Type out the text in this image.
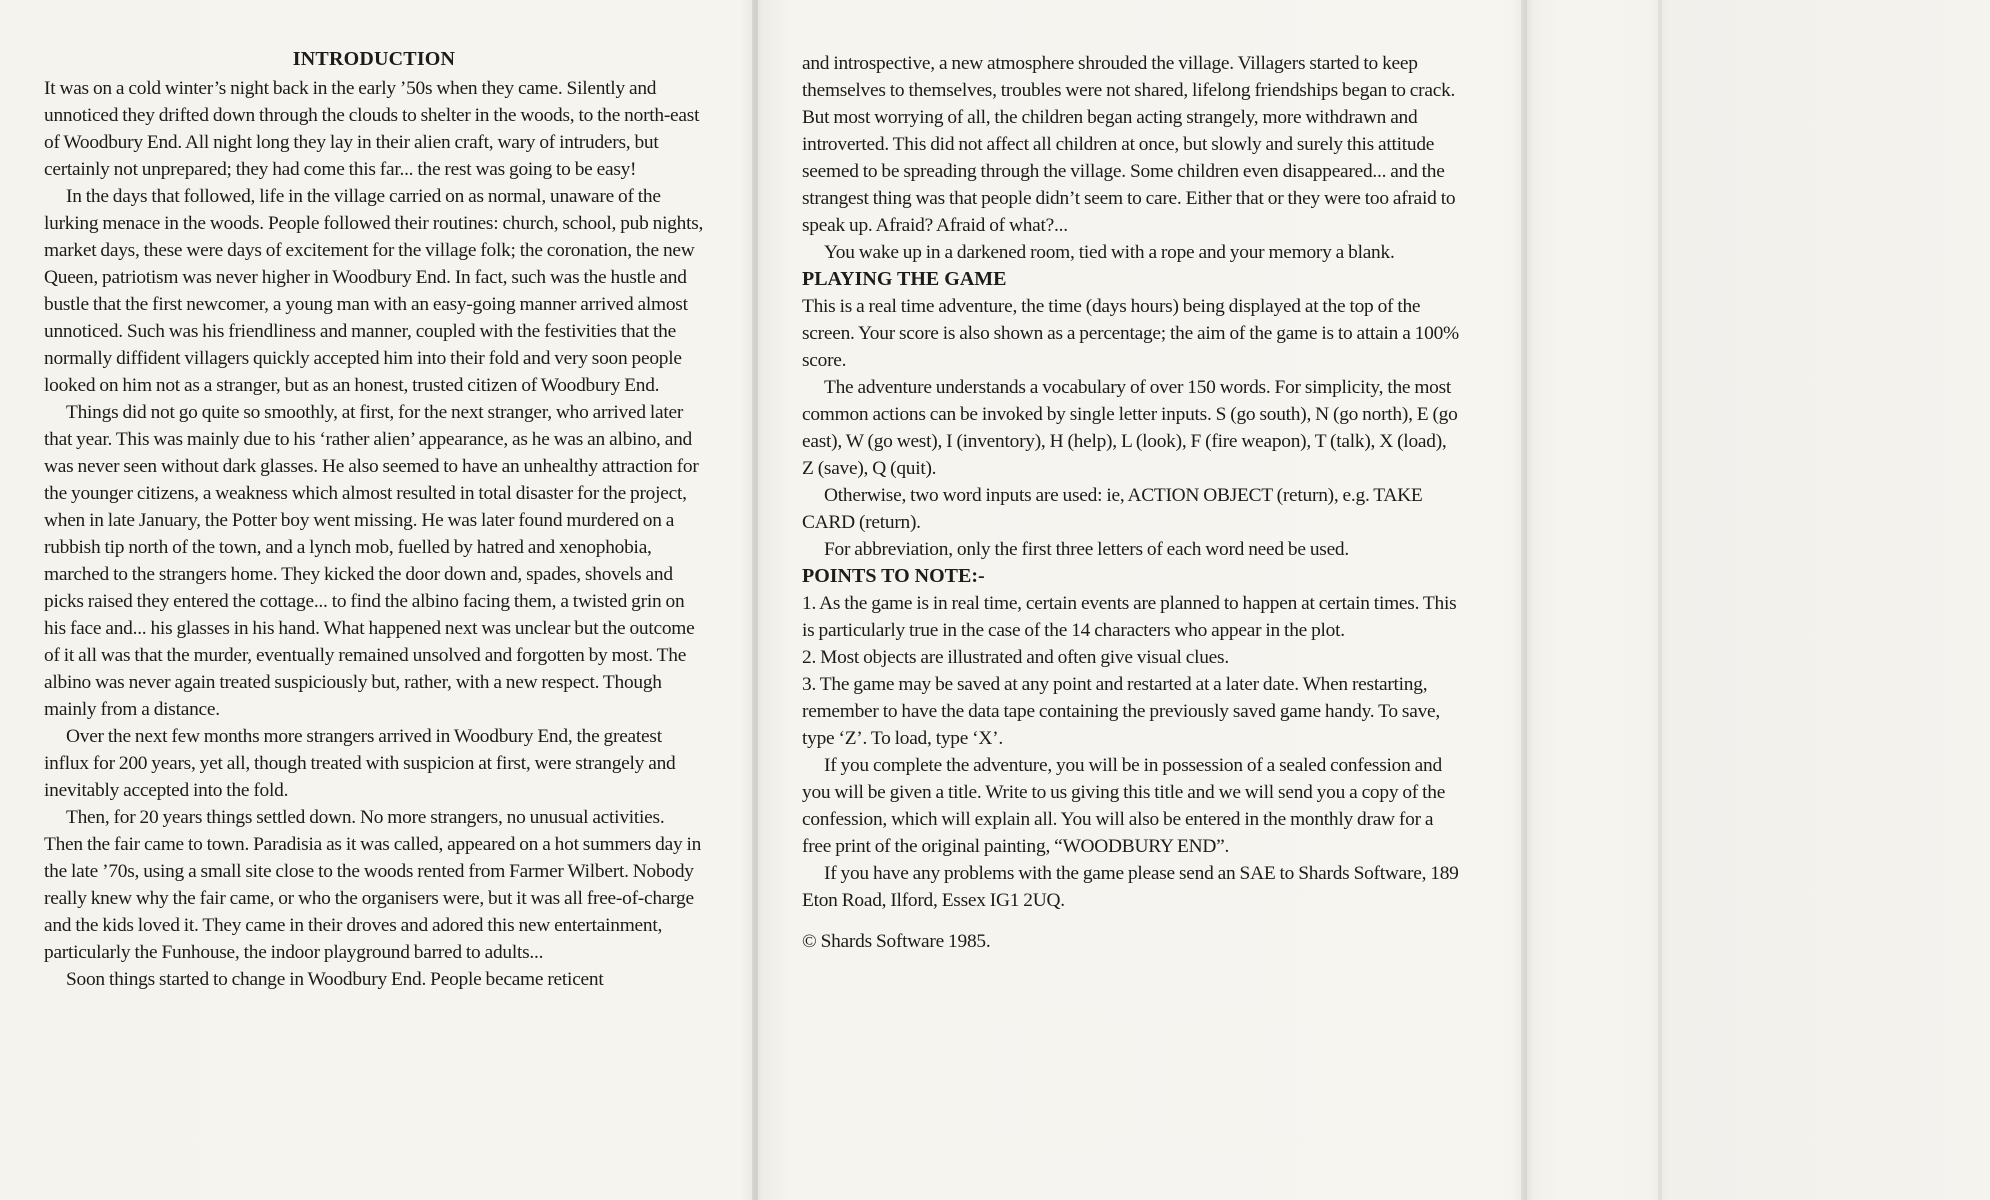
INTRODUCTION

It was on a cold winter’s night back in the early ’50s when they came. Silently and unnoticed they drifted down through the clouds to shelter in the woods, to the north-east of Woodbury End. All night long they lay in their alien craft, wary of intruders, but certainly not unprepared; they had come this far... the rest was going to be easy!

In the days that followed, life in the village carried on as normal, unaware of the lurking menace in the woods. People followed their routines: church, school, pub nights, market days, these were days of excitement for the village folk; the coronation, the new Queen, patriotism was never higher in Woodbury End. In fact, such was the hustle and bustle that the first newcomer, a young man with an easy-going manner arrived almost unnoticed. Such was his friendliness and manner, coupled with the festivities that the normally diffident villagers quickly accepted him into their fold and very soon people looked on him not as a stranger, but as an honest, trusted citizen of Woodbury End.

Things did not go quite so smoothly, at first, for the next stranger, who arrived later that year. This was mainly due to his ‘rather alien’ appearance, as he was an albino, and was never seen without dark glasses. He also seemed to have an unhealthy attraction for the younger citizens, a weakness which almost resulted in total disaster for the project, when in late January, the Potter boy went missing. He was later found murdered on a rubbish tip north of the town, and a lynch mob, fuelled by hatred and xenophobia, marched to the strangers home. They kicked the door down and, spades, shovels and picks raised they entered the cottage... to find the albino facing them, a twisted grin on his face and... his glasses in his hand. What happened next was unclear but the outcome of it all was that the murder, eventually remained unsolved and forgotten by most. The albino was never again treated suspiciously but, rather, with a new respect. Though mainly from a distance.

Over the next few months more strangers arrived in Woodbury End, the greatest influx for 200 years, yet all, though treated with suspicion at first, were strangely and inevitably accepted into the fold.

Then, for 20 years things settled down. No more strangers, no unusual activities. Then the fair came to town. Paradisia as it was called, appeared on a hot summers day in the late ’70s, using a small site close to the woods rented from Farmer Wilbert. Nobody really knew why the fair came, or who the organisers were, but it was all free-of-charge and the kids loved it. They came in their droves and adored this new entertainment, particularly the Funhouse, the indoor playground barred to adults...

Soon things started to change in Woodbury End. People became reticent

and introspective, a new atmosphere shrouded the village. Villagers started to keep themselves to themselves, troubles were not shared, lifelong friendships began to crack. But most worrying of all, the children began acting strangely, more withdrawn and introverted. This did not affect all children at once, but slowly and surely this attitude seemed to be spreading through the village. Some children even disappeared... and the strangest thing was that people didn’t seem to care. Either that or they were too afraid to speak up. Afraid? Afraid of what?...

You wake up in a darkened room, tied with a rope and your memory a blank.

PLAYING THE GAME

This is a real time adventure, the time (days hours) being displayed at the top of the screen. Your score is also shown as a percentage; the aim of the game is to attain a 100% score.

The adventure understands a vocabulary of over 150 words. For simplicity, the most common actions can be invoked by single letter inputs. S (go south), N (go north), E (go east), W (go west), I (inventory), H (help), L (look), F (fire weapon), T (talk), X (load), Z (save), Q (quit).

Otherwise, two word inputs are used: ie, ACTION OBJECT (return), e.g. TAKE CARD (return).

For abbreviation, only the first three letters of each word need be used.

POINTS TO NOTE:-

1. As the game is in real time, certain events are planned to happen at certain times. This is particularly true in the case of the 14 characters who appear in the plot.

2. Most objects are illustrated and often give visual clues.

3. The game may be saved at any point and restarted at a later date. When restarting, remember to have the data tape containing the previously saved game handy. To save, type ‘Z’. To load, type ‘X’.

If you complete the adventure, you will be in possession of a sealed confession and you will be given a title. Write to us giving this title and we will send you a copy of the confession, which will explain all. You will also be entered in the monthly draw for a free print of the original painting, “WOODBURY END”.

If you have any problems with the game please send an SAE to Shards Software, 189 Eton Road, Ilford, Essex IG1 2UQ.

© Shards Software 1985.
